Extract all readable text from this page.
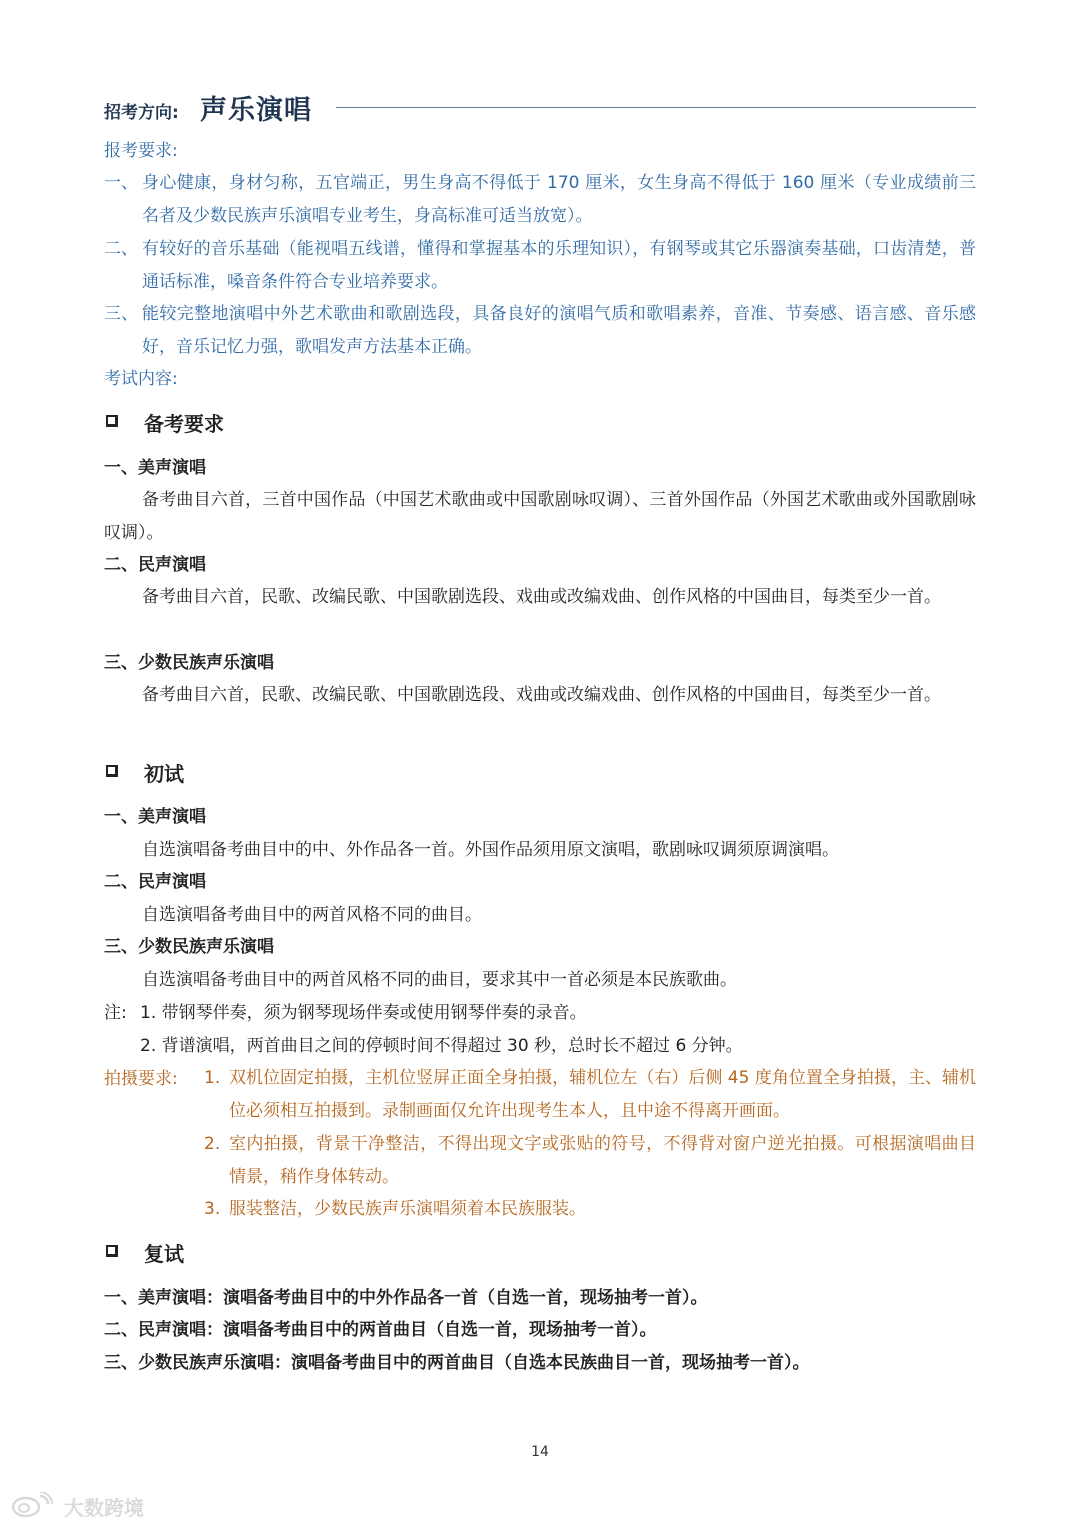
招考方向: 声乐演唱
报考要求:
一、 身心健康，身材匀称，五官端正，男生身高不得低于 170 厘米，女生身高不得低于 160 厘米（专业成绩前三名者及少数民族声乐演唱专业考生，身高标准可适当放宽）。
二、 有较好的音乐基础（能视唱五线谱，懂得和掌握基本的乐理知识），有钢琴或其它乐器演奏基础，口齿清楚，普通话标准，嗓音条件符合专业培养要求。
三、 能较完整地演唱中外艺术歌曲和歌剧选段，具备良好的演唱气质和歌唱素养，音准、节奏感、语言感、音乐感好，音乐记忆力强，歌唱发声方法基本正确。
考试内容:
备考要求
一、美声演唱
备考曲目六首，三首中国作品（中国艺术歌曲或中国歌剧咏叹调）、三首外国作品（外国艺术歌曲或外国歌剧咏叹调）。
二、民声演唱
备考曲目六首，民歌、改编民歌、中国歌剧选段、戏曲或改编戏曲、创作风格的中国曲目，每类至少一首。
三、少数民族声乐演唱
备考曲目六首，民歌、改编民歌、中国歌剧选段、戏曲或改编戏曲、创作风格的中国曲目，每类至少一首。
初试
一、美声演唱
自选演唱备考曲目中的中、外作品各一首。外国作品须用原文演唱，歌剧咏叹调须原调演唱。
二、民声演唱
自选演唱备考曲目中的两首风格不同的曲目。
三、少数民族声乐演唱
自选演唱备考曲目中的两首风格不同的曲目，要求其中一首必须是本民族歌曲。
注: 1. 带钢琴伴奏，须为钢琴现场伴奏或使用钢琴伴奏的录音。
2. 背谱演唱，两首曲目之间的停顿时间不得超过 30 秒，总时长不超过 6 分钟。
拍摄要求: 1. 双机位固定拍摄，主机位竖屏正面全身拍摄，辅机位左（右）后侧 45 度角位置全身拍摄，主、辅机位必须相互拍摄到。录制画面仅允许出现考生本人，且中途不得离开画面。
2. 室内拍摄，背景干净整洁，不得出现文字或张贴的符号，不得背对窗户逆光拍摄。可根据演唱曲目情景，稍作身体转动。
3. 服装整洁，少数民族声乐演唱须着本民族服装。
复试
一、美声演唱：演唱备考曲目中的中外作品各一首（自选一首，现场抽考一首）。
二、民声演唱：演唱备考曲目中的两首曲目（自选一首，现场抽考一首）。
三、少数民族声乐演唱：演唱备考曲目中的两首曲目（自选本民族曲目一首，现场抽考一首）。
14
大数跨境
